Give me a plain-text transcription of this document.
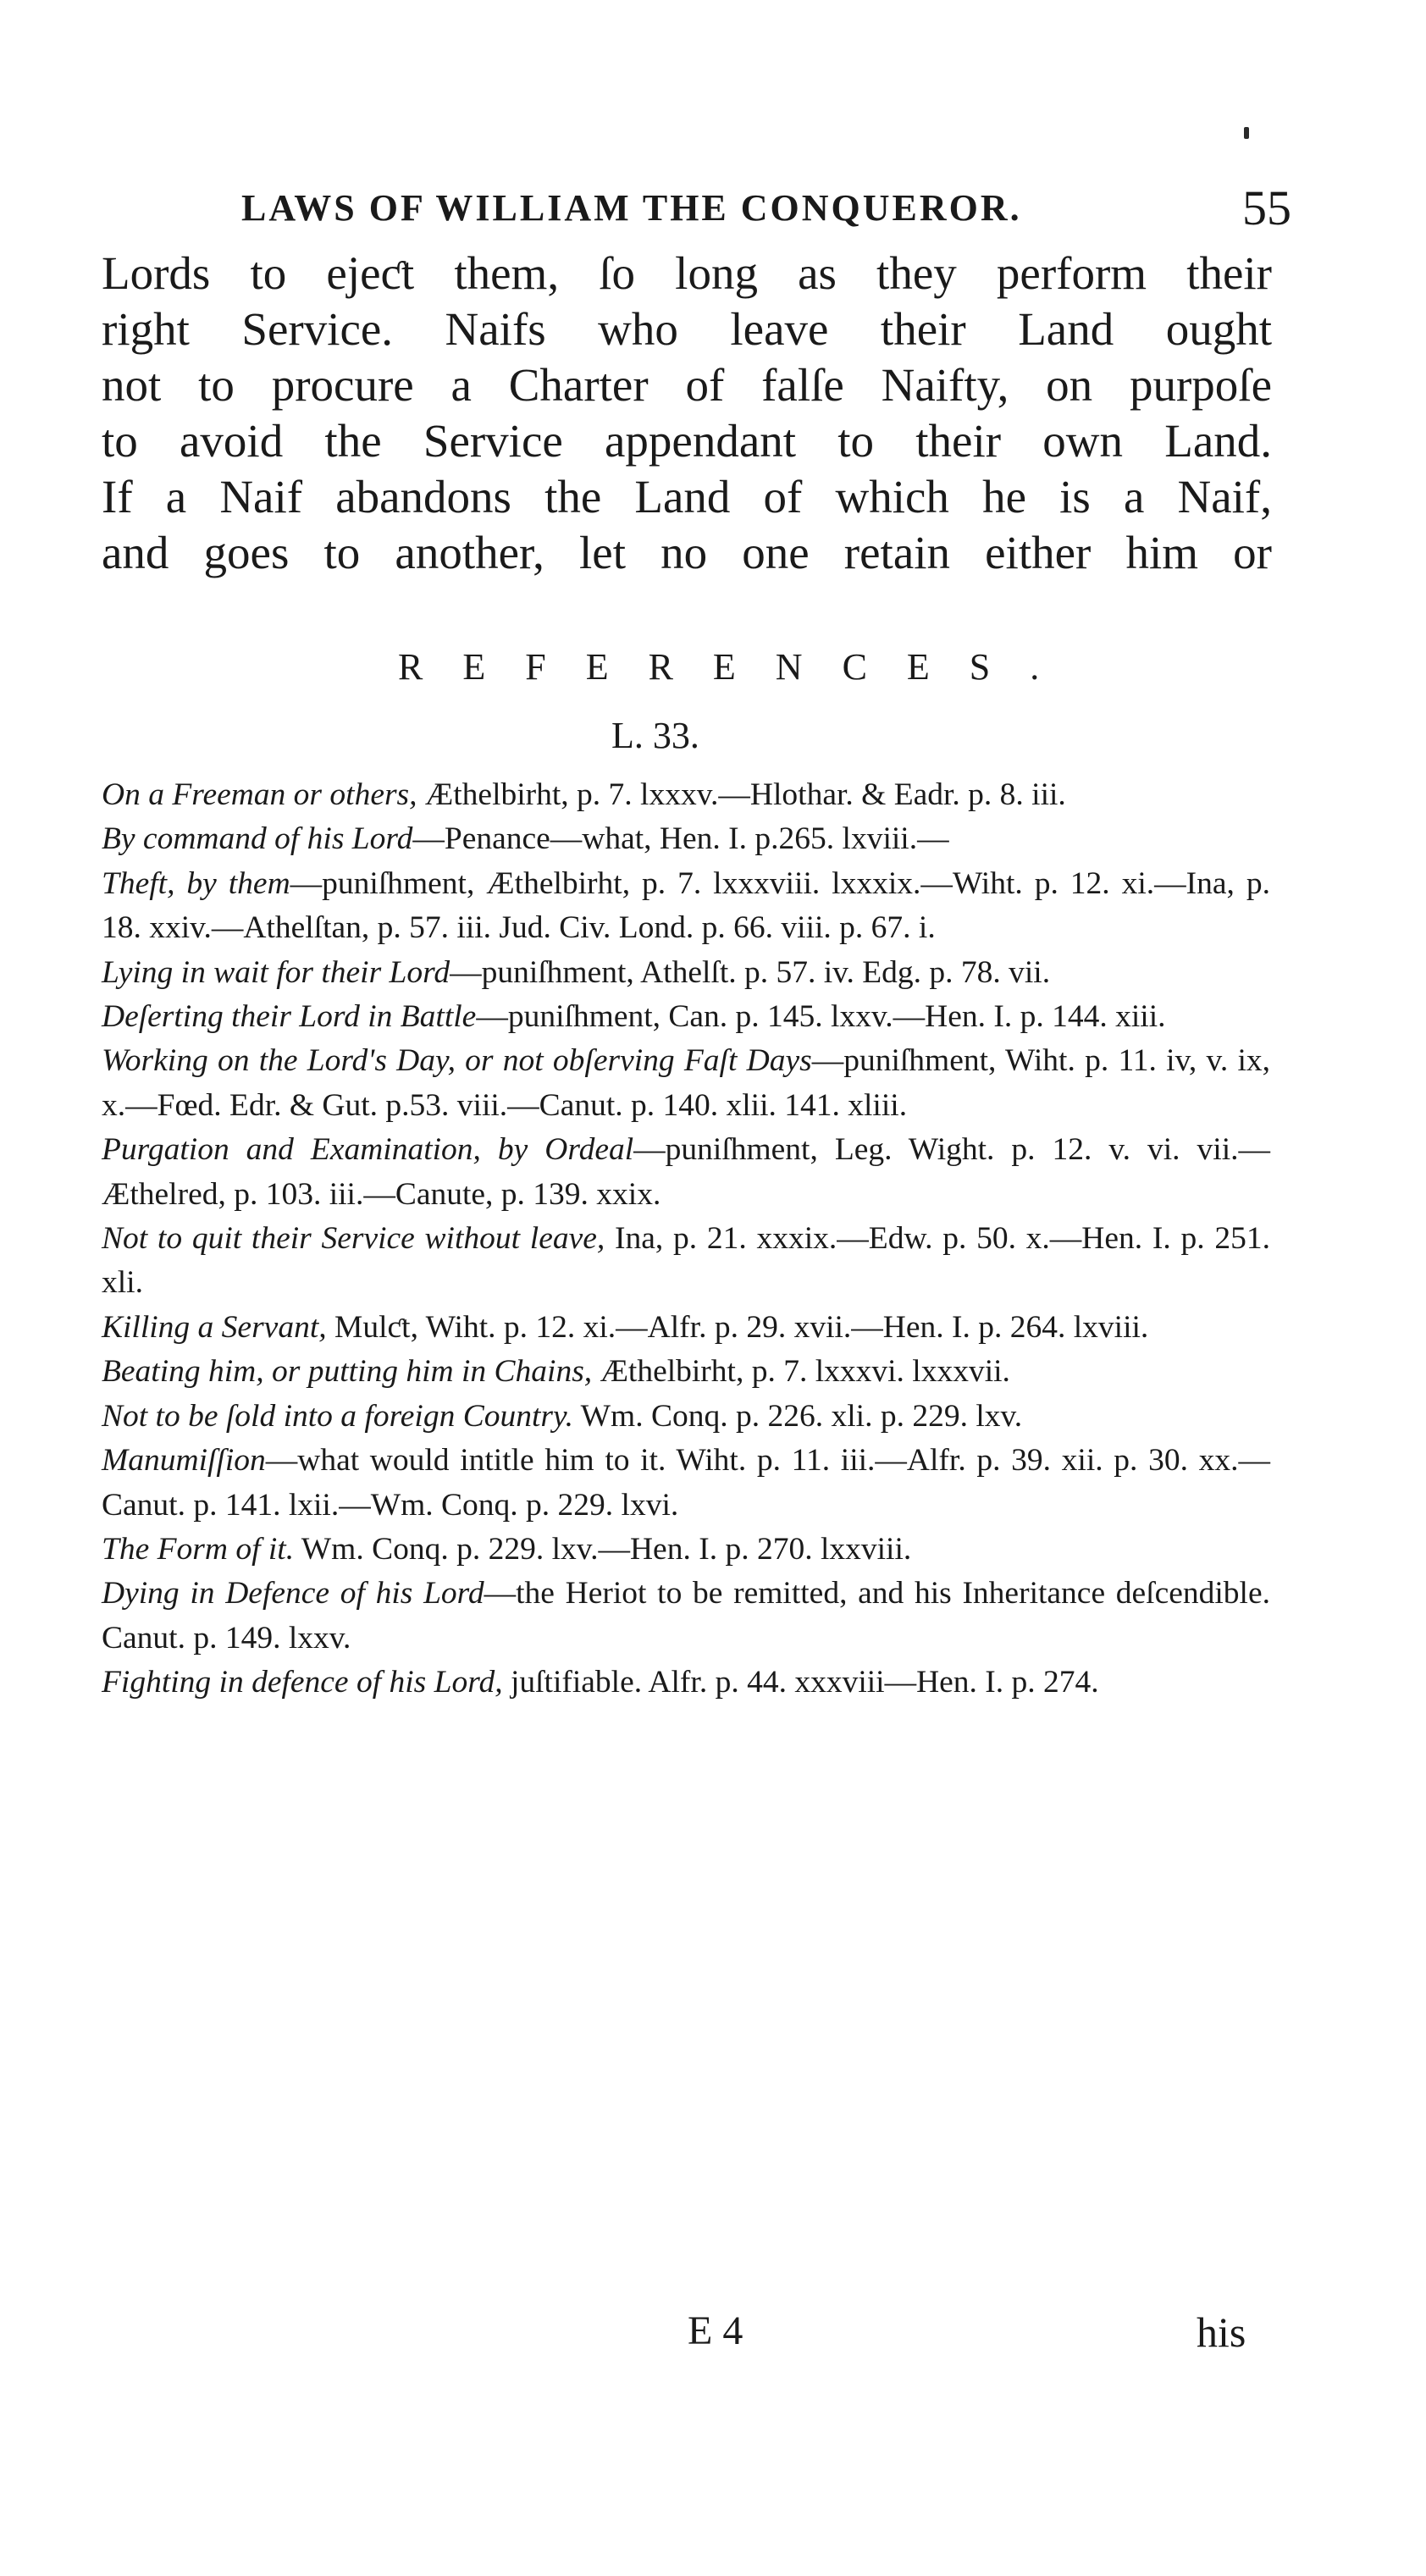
LAWS OF WILLIAM THE CONQUEROR.	55
Lords to ejeƈt them, ſo long as they perform their
right Service. Naifs who leave their Land ought
not to procure a Charter of falſe Naifty, on purpoſe
to avoid the Service appendant to their own Land.
If a Naif abandons the Land of which he is a Naif,
and goes to another, let no one retain either him or
REFERENCES.
L. 33.
On a Freeman or others, Æthelbirht, p. 7. lxxxv.—Hlothar. & Eadr. p. 8. iii.
By command of his Lord—Penance—what, Hen. I. p.265. lxviii.—
Theft, by them—puniſhment, Æthelbirht, p. 7. lxxxviii. lxxxix.—Wiht. p. 12. xi.—Ina, p. 18. xxiv.—Athelſtan, p. 57. iii. Jud. Civ. Lond. p. 66. viii. p. 67. i.
Lying in wait for their Lord—puniſhment, Athelſt. p. 57. iv. Edg. p. 78. vii.
Deſerting their Lord in Battle—puniſhment, Can. p. 145. lxxv.—Hen. I. p. 144. xiii.
Working on the Lord's Day, or not obſerving Faſt Days—puniſhment, Wiht. p. 11. iv, v. ix, x.—Fœd. Edr. & Gut. p.53. viii.—Canut. p. 140. xlii. 141. xliii.
Purgation and Examination, by Ordeal—puniſhment, Leg. Wight. p. 12. v. vi. vii.—Æthelred, p. 103. iii.—Canute, p. 139. xxix.
Not to quit their Service without leave, Ina, p. 21. xxxix.—Edw. p. 50. x.—Hen. I. p. 251. xli.
Killing a Servant, Mulƈt, Wiht. p. 12. xi.—Alfr. p. 29. xvii.—Hen. I. p. 264. lxviii.
Beating him, or putting him in Chains, Æthelbirht, p. 7. lxxxvi. lxxxvii.
Not to be ſold into a foreign Country. Wm. Conq. p. 226. xli. p. 229. lxv.
Manumiſſion—what would intitle him to it. Wiht. p. 11. iii.—Alfr. p. 39. xii. p. 30. xx.—Canut. p. 141. lxii.—Wm. Conq. p. 229. lxvi.
The Form of it. Wm. Conq. p. 229. lxv.—Hen. I. p. 270. lxxviii.
Dying in Defence of his Lord—the Heriot to be remitted, and his Inheritance deſcendible. Canut. p. 149. lxxv.
Fighting in defence of his Lord, juſtifiable. Alfr. p. 44. xxxviii—Hen. I. p. 274.
E 4	his
